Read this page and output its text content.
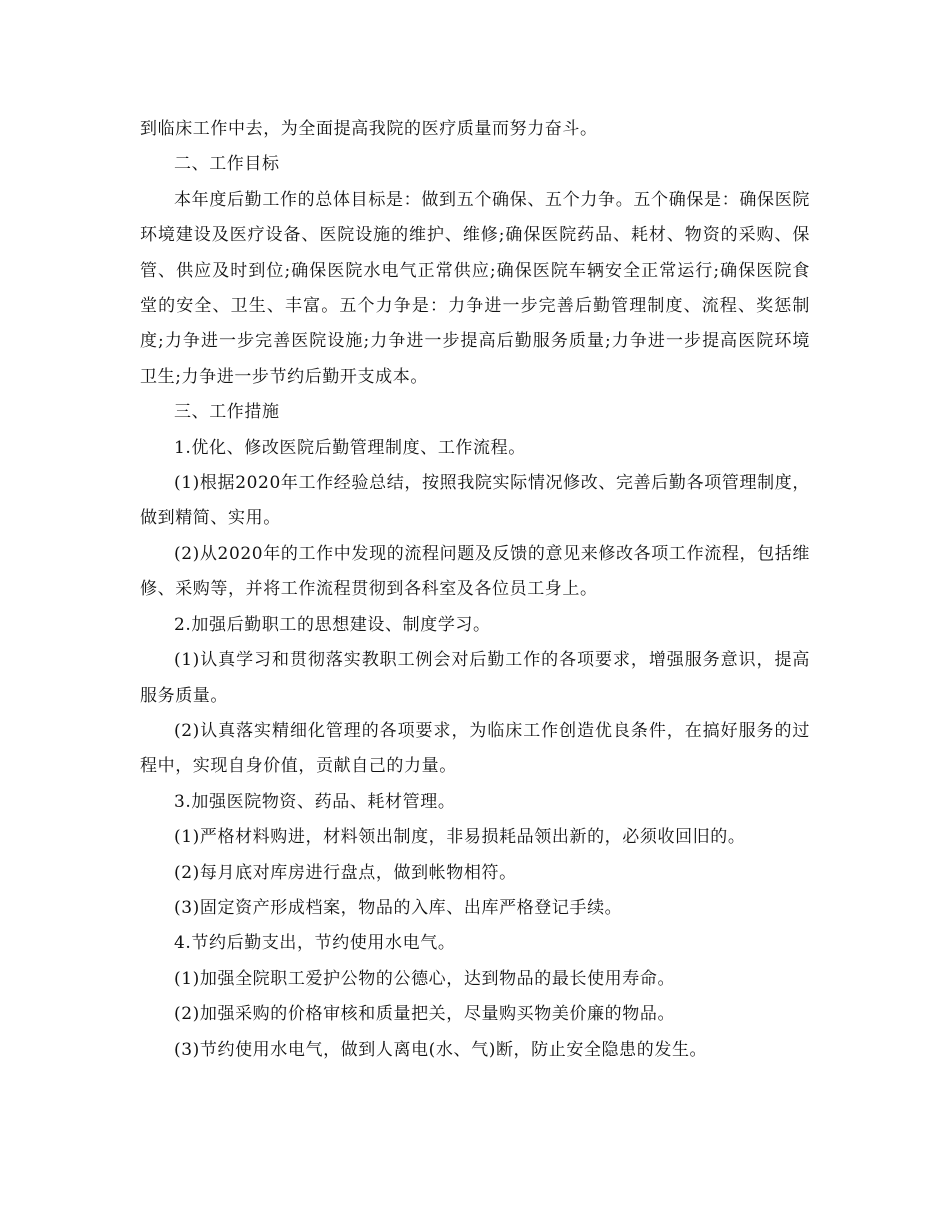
到临床工作中去，为全面提高我院的医疗质量而努力奋斗。

二、工作目标

本年度后勤工作的总体目标是：做到五个确保、五个力争。五个确保是：确保医院环境建设及医疗设备、医院设施的维护、维修;确保医院药品、耗材、物资的采购、保管、供应及时到位;确保医院水电气正常供应;确保医院车辆安全正常运行;确保医院食堂的安全、卫生、丰富。五个力争是：力争进一步完善后勤管理制度、流程、奖惩制度;力争进一步完善医院设施;力争进一步提高后勤服务质量;力争进一步提高医院环境卫生;力争进一步节约后勤开支成本。

三、工作措施

1.优化、修改医院后勤管理制度、工作流程。

(1)根据2020年工作经验总结，按照我院实际情况修改、完善后勤各项管理制度，做到精简、实用。

(2)从2020年的工作中发现的流程问题及反馈的意见来修改各项工作流程，包括维修、采购等，并将工作流程贯彻到各科室及各位员工身上。

2.加强后勤职工的思想建设、制度学习。

(1)认真学习和贯彻落实教职工例会对后勤工作的各项要求，增强服务意识，提高服务质量。

(2)认真落实精细化管理的各项要求，为临床工作创造优良条件，在搞好服务的过程中，实现自身价值，贡献自己的力量。

3.加强医院物资、药品、耗材管理。

(1)严格材料购进，材料领出制度，非易损耗品领出新的，必须收回旧的。

(2)每月底对库房进行盘点，做到帐物相符。

(3)固定资产形成档案，物品的入库、出库严格登记手续。

4.节约后勤支出，节约使用水电气。

(1)加强全院职工爱护公物的公德心，达到物品的最长使用寿命。

(2)加强采购的价格审核和质量把关，尽量购买物美价廉的物品。

(3)节约使用水电气，做到人离电(水、气)断，防止安全隐患的发生。
